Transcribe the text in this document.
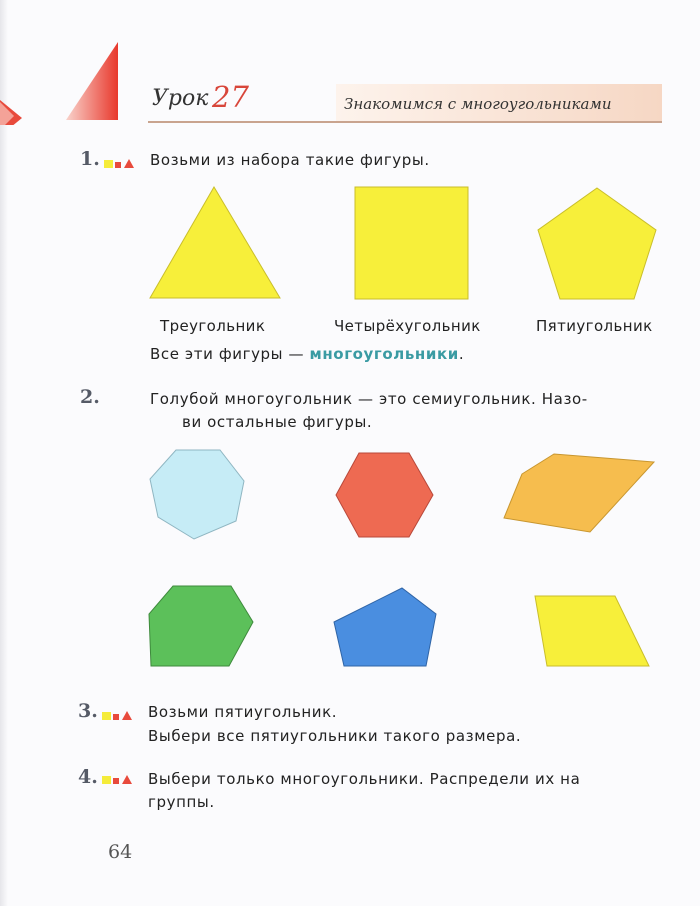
Урок 27	Знакомимся с многоугольниками
1.	Возьми из набора такие фигуры.
Треугольник	Четырёхугольник	Пятиугольник
Все эти фигуры — многоугольники.
2.	Голубой многоугольник — это семиугольник. Назо-
ви остальные фигуры.
3.	Возьми пятиугольник.
Выбери все пятиугольники такого размера.
4.	Выбери только многоугольники. Распредели их на
группы.
64
